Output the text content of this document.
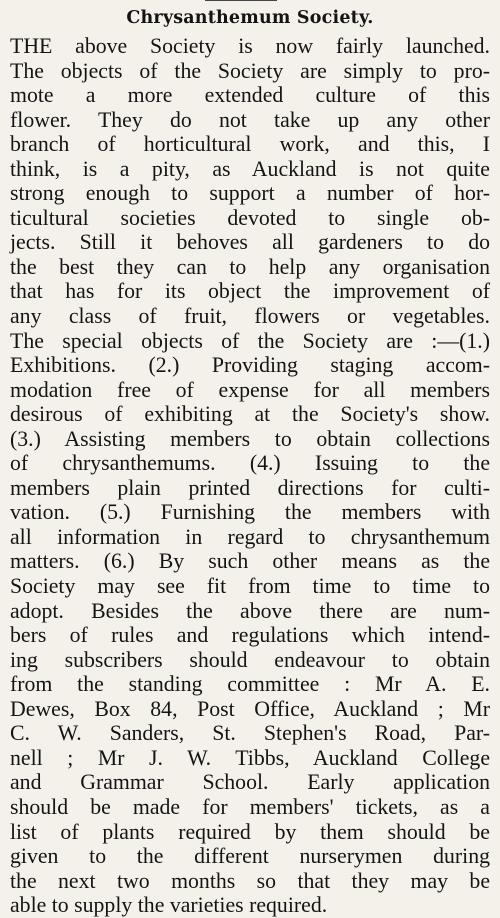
Chrysanthemum Society.
THE above Society is now fairly launched.
The objects of the Society are simply to pro-
mote a more extended culture of this
flower. They do not take up any other
branch of horticultural work, and this, I
think, is a pity, as Auckland is not quite
strong enough to support a number of hor-
ticultural societies devoted to single ob-
jects. Still it behoves all gardeners to do
the best they can to help any organisation
that has for its object the improvement of
any class of fruit, flowers or vegetables.
The special objects of the Society are :—(1.)
Exhibitions. (2.) Providing staging accom-
modation free of expense for all members
desirous of exhibiting at the Society's show.
(3.) Assisting members to obtain collections
of chrysanthemums. (4.) Issuing to the
members plain printed directions for culti-
vation. (5.) Furnishing the members with
all information in regard to chrysanthemum
matters. (6.) By such other means as the
Society may see fit from time to time to
adopt. Besides the above there are num-
bers of rules and regulations which intend-
ing subscribers should endeavour to obtain
from the standing committee : Mr A. E.
Dewes, Box 84, Post Office, Auckland ; Mr
C. W. Sanders, St. Stephen's Road, Par-
nell ; Mr J. W. Tibbs, Auckland College
and Grammar School. Early application
should be made for members' tickets, as a
list of plants required by them should be
given to the different nurserymen during
the next two months so that they may be
able to supply the varieties required.
